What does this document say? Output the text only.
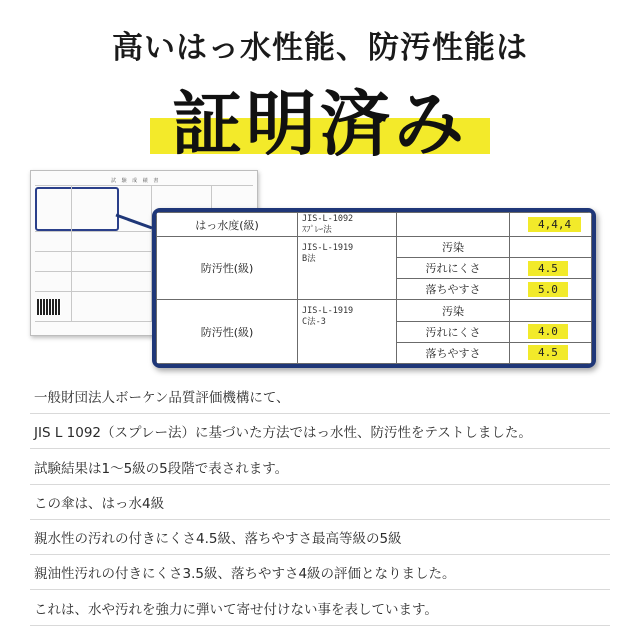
高いはっ水性能、防汚性能は
証明済み
試 験 成 績 書
はっ水度(級)	JIS-L-1092
ｽﾌﾟﾚｰ法		4,4,4
防汚性(級)	JIS-L-1919
B法	汚染	
		汚れにくさ	4.5
		落ちやすさ	5.0
防汚性(級)	JIS-L-1919
C法-3	汚染	
		汚れにくさ	4.0
		落ちやすさ	4.5
一般財団法人ボーケン品質評価機構にて、
JIS L 1092（スプレー法）に基づいた方法ではっ水性、防汚性をテストしました。
試験結果は1～5級の5段階で表されます。
この傘は、はっ水4級
親水性の汚れの付きにくさ4.5級、落ちやすさ最高等級の5級
親油性汚れの付きにくさ3.5級、落ちやすさ4級の評価となりました。
これは、水や汚れを強力に弾いて寄せ付けない事を表しています。
